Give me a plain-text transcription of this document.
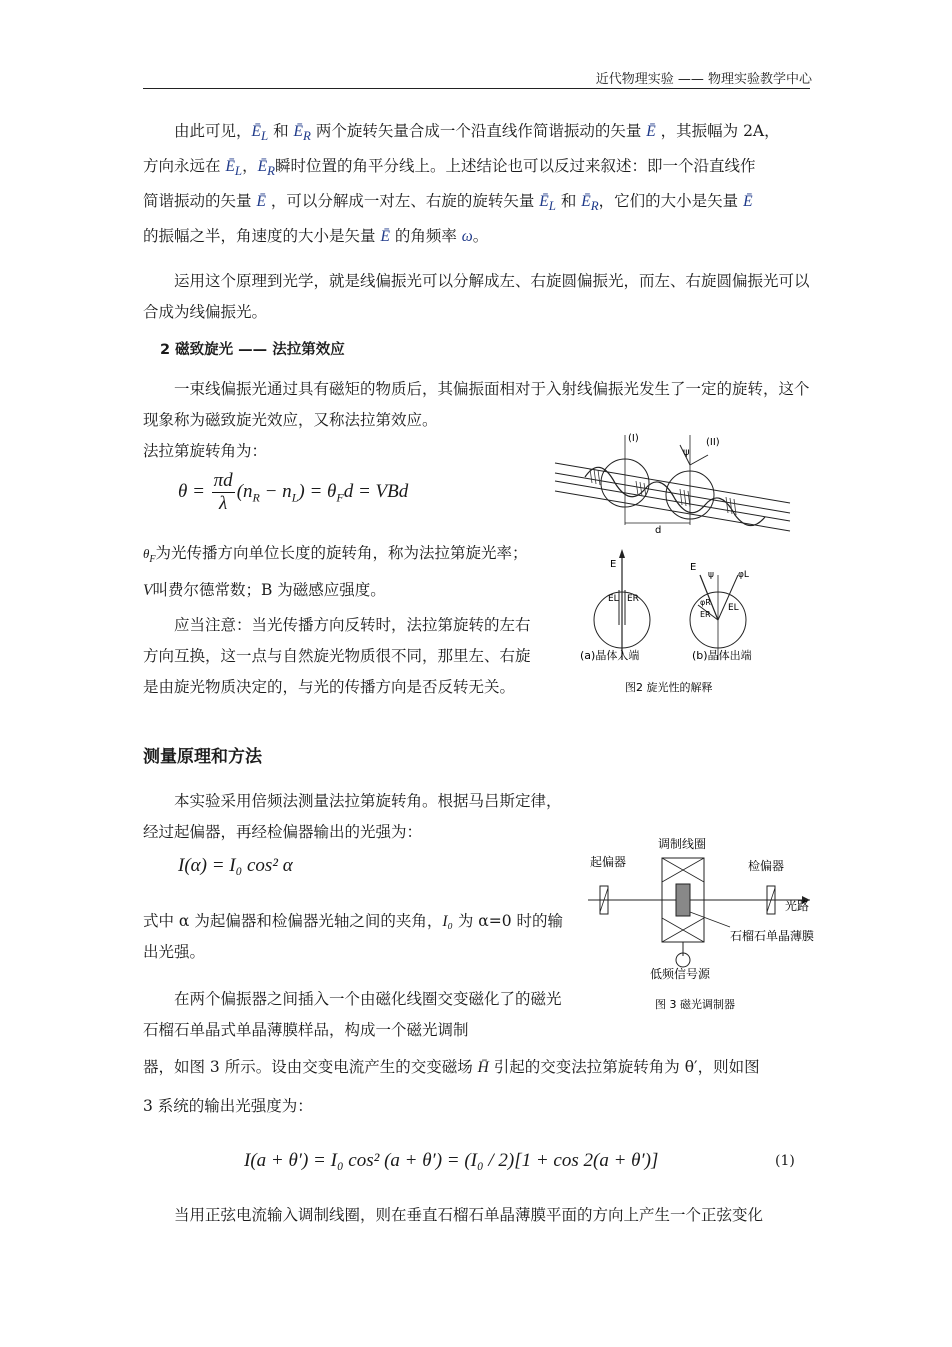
近代物理实验 —— 物理实验教学中心

由此可见，$Ē_L$ 和 $Ē_R$ 两个旋转矢量合成一个沿直线作简谐振动的矢量 Ē ，其振幅为 2A，

方向永远在 $Ē_L$，$Ē_R$瞬时位置的角平分线上。上述结论也可以反过来叙述：即一个沿直线作

简谐振动的矢量 Ē ，可以分解成一对左、右旋的旋转矢量 $Ē_L$ 和 $Ē_R$，它们的大小是矢量 Ē

的振幅之半，角速度的大小是矢量 Ē 的角频率 ω。

运用这个原理到光学，就是线偏振光可以分解成左、右旋圆偏振光，而左、右旋圆偏振光可以合成为线偏振光。

2 磁致旋光 —— 法拉第效应

一束线偏振光通过具有磁矩的物质后，其偏振面相对于入射线偏振光发生了一定的旋转，这个现象称为磁致旋光效应，又称法拉第效应。

法拉第旋转角为：

$\theta = \frac{\pi d}{\lambda} (n_R - n_L) = \theta_Fd$ = VBd

$\theta_F$为光传播方向单位长度的旋转角，称为法拉第旋光率；V叫费尔德常数；B 为磁感应强度。

应当注意：当光传播方向反转时，法拉第旋转的左右方向互换，这一点与自然旋光物质很不同，那里左、右旋是由旋光物质决定的，与光的传播方向是否反转无关。

(I)	(II)
ψ
d
E
EL ER
E
ψ	φL
φR
ER
EL
(a)晶体入端	(b)晶体出端
图2 旋光性的解释
测量原理和方法

本实验采用倍频法测量法拉第旋转角。根据马吕斯定律，经过起偏器，再经检偏器输出的光强为：

I(α) = I₀ cos² α

式中 α 为起偏器和检偏器光轴之间的夹角，I₀ 为 α=0 时的输出光强。

在两个偏振器之间插入一个由磁化线圈交变磁化了的磁光石榴石单晶式单晶薄膜样品，构成一个磁光调制

调制线圈
起偏器	检偏器
光路
石榴石单晶薄膜
低频信号源
图 3 磁光调制器

器，如图 3 所示。设由交变电流产生的交变磁场 H̄ 引起的交变法拉第旋转角为 θ′，则如图

3 系统的输出光强度为：

I(a + θ′) = I₀ cos² (a + θ′) = (I₀ / 2)[1 + cos 2(a + θ′)]	(1)

当用正弦电流输入调制线圈，则在垂直石榴石单晶薄膜平面的方向上产生一个正弦变化
